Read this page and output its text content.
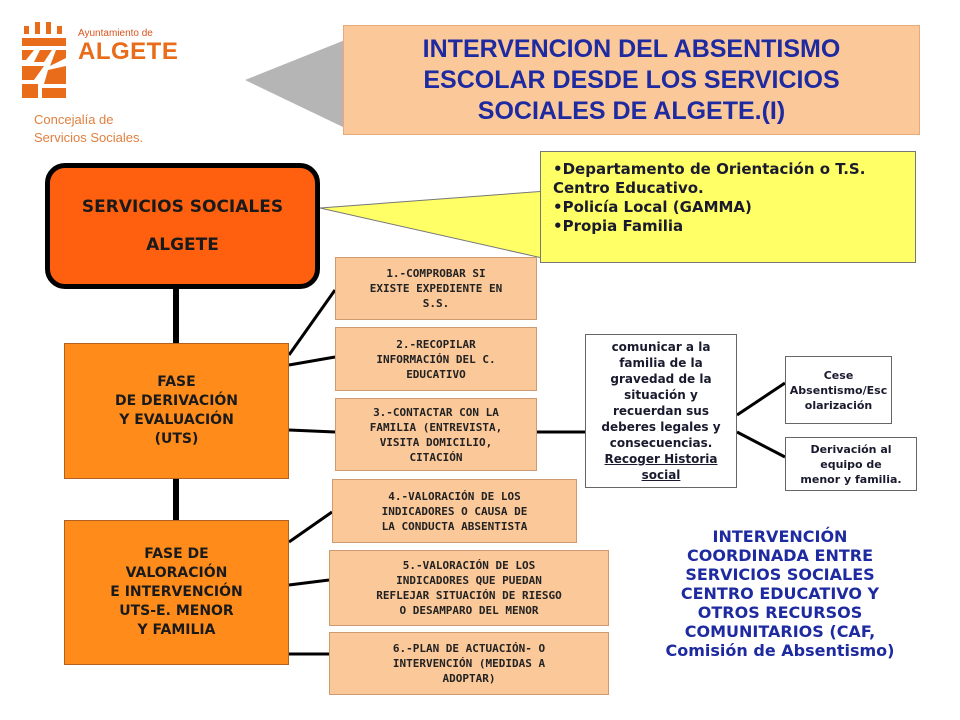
Ayuntamiento de
ALGETE
Concejalía de
Servicios Sociales.
INTERVENCION DEL ABSENTISMO
ESCOLAR DESDE LOS SERVICIOS
SOCIALES DE ALGETE.(I)
SERVICIOS SOCIALES
ALGETE
•Departamento de Orientación o T.S. Centro Educativo.
•Policía Local (GAMMA)
•Propia Familia
FASE
DE DERIVACIÓN
Y EVALUACIÓN
(UTS)
FASE DE
VALORACIÓN
E INTERVENCIÓN
UTS-E. MENOR
Y FAMILIA
1.-COMPROBAR SI
EXISTE EXPEDIENTE EN
S.S.
2.-RECOPILAR
INFORMACIÓN DEL C.
EDUCATIVO
3.-CONTACTAR CON LA
FAMILIA (ENTREVISTA,
VISITA DOMICILIO,
CITACIÓN
4.-VALORACIÓN DE LOS
INDICADORES O CAUSA DE
LA CONDUCTA ABSENTISTA
5.-VALORACIÓN DE LOS
INDICADORES QUE PUEDAN
REFLEJAR SITUACIÓN DE RIESGO
O DESAMPARO DEL MENOR
6.-PLAN DE ACTUACIÓN- O
INTERVENCIÓN (MEDIDAS A
ADOPTAR)
comunicar a la
familia de la
gravedad de la
situación y
recuerdan sus
deberes legales y
consecuencias.
Recoger Historia
social
Cese
Absentismo/Esc
olarización
Derivación al
equipo de
menor y familia.
INTERVENCIÓN
COORDINADA ENTRE
SERVICIOS SOCIALES
CENTRO EDUCATIVO Y
OTROS RECURSOS
COMUNITARIOS (CAF,
Comisión de Absentismo)
